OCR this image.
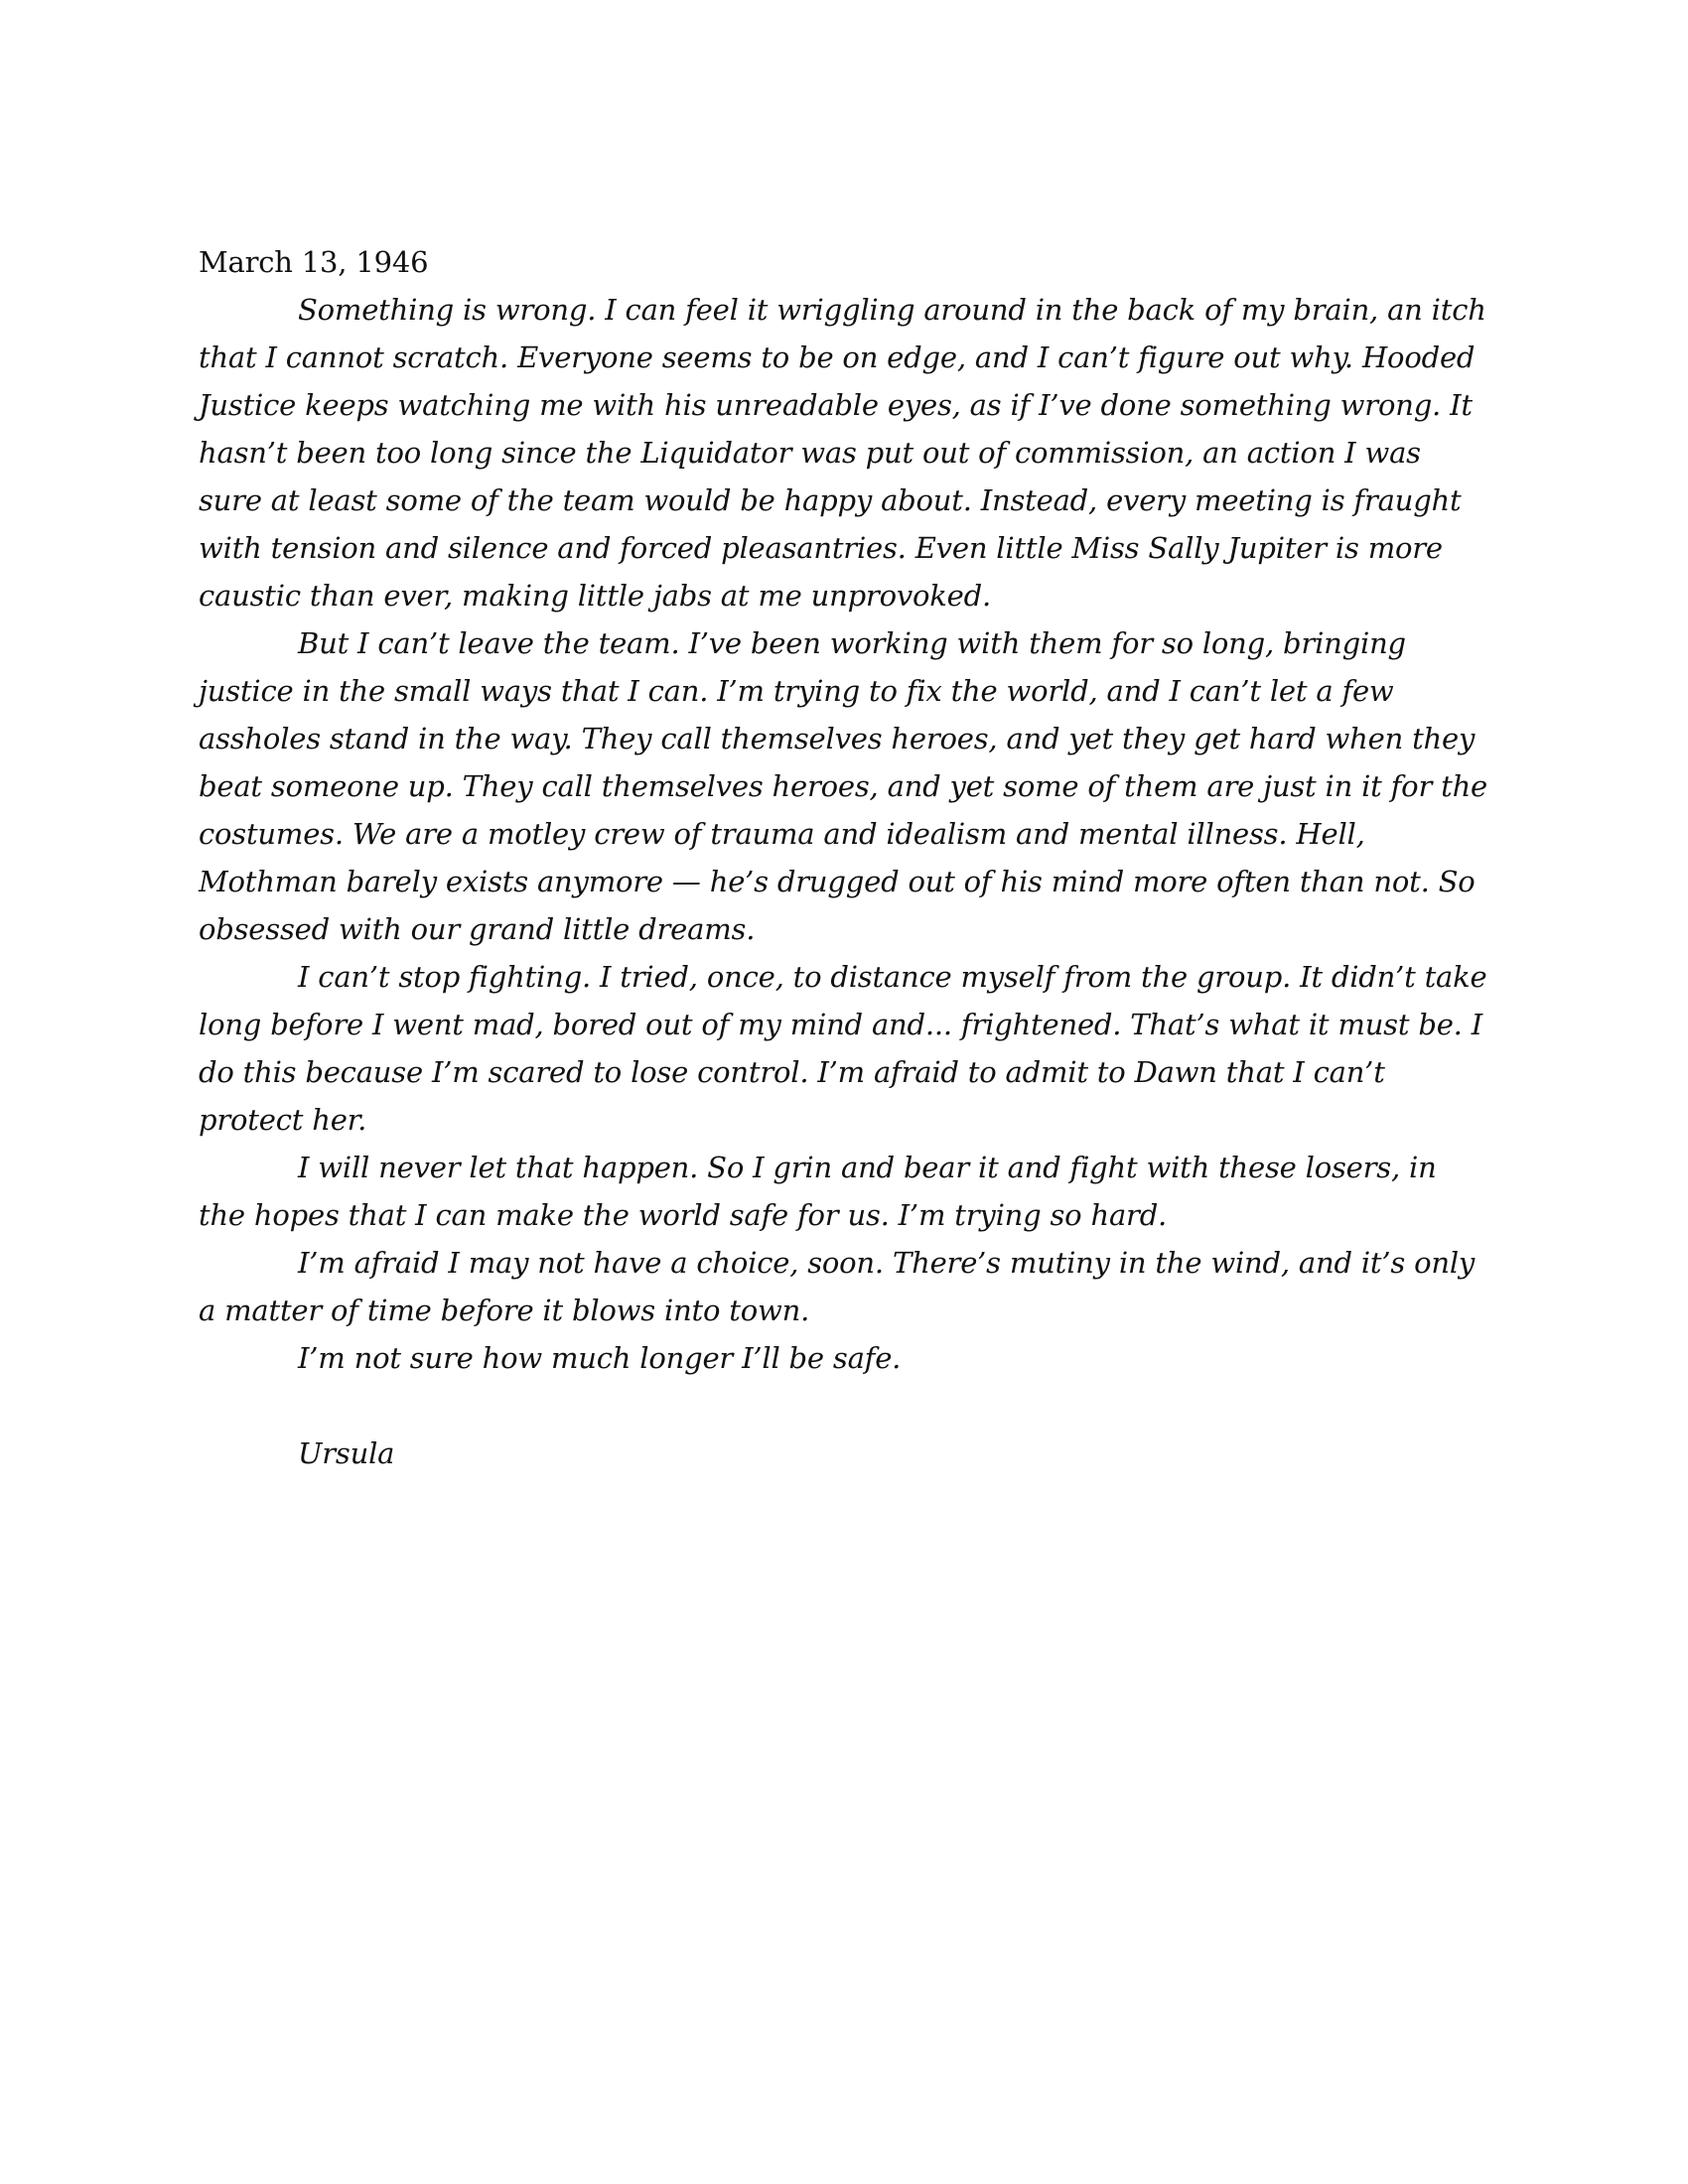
March 13, 1946

Something is wrong. I can feel it wriggling around in the back of my brain, an itch that I cannot scratch. Everyone seems to be on edge, and I can’t figure out why. Hooded Justice keeps watching me with his unreadable eyes, as if I’ve done something wrong. It hasn’t been too long since the Liquidator was put out of commission, an action I was sure at least some of the team would be happy about. Instead, every meeting is fraught with tension and silence and forced pleasantries. Even little Miss Sally Jupiter is more caustic than ever, making little jabs at me unprovoked.

But I can’t leave the team. I’ve been working with them for so long, bringing justice in the small ways that I can. I’m trying to fix the world, and I can’t let a few assholes stand in the way. They call themselves heroes, and yet they get hard when they beat someone up. They call themselves heroes, and yet some of them are just in it for the costumes. We are a motley crew of trauma and idealism and mental illness. Hell, Mothman barely exists anymore — he’s drugged out of his mind more often than not. So obsessed with our grand little dreams.

I can’t stop fighting. I tried, once, to distance myself from the group. It didn’t take long before I went mad, bored out of my mind and... frightened. That’s what it must be. I do this because I’m scared to lose control. I’m afraid to admit to Dawn that I can’t protect her.

I will never let that happen. So I grin and bear it and fight with these losers, in the hopes that I can make the world safe for us. I’m trying so hard.

I’m afraid I may not have a choice, soon. There’s mutiny in the wind, and it’s only a matter of time before it blows into town.

I’m not sure how much longer I’ll be safe.

Ursula
